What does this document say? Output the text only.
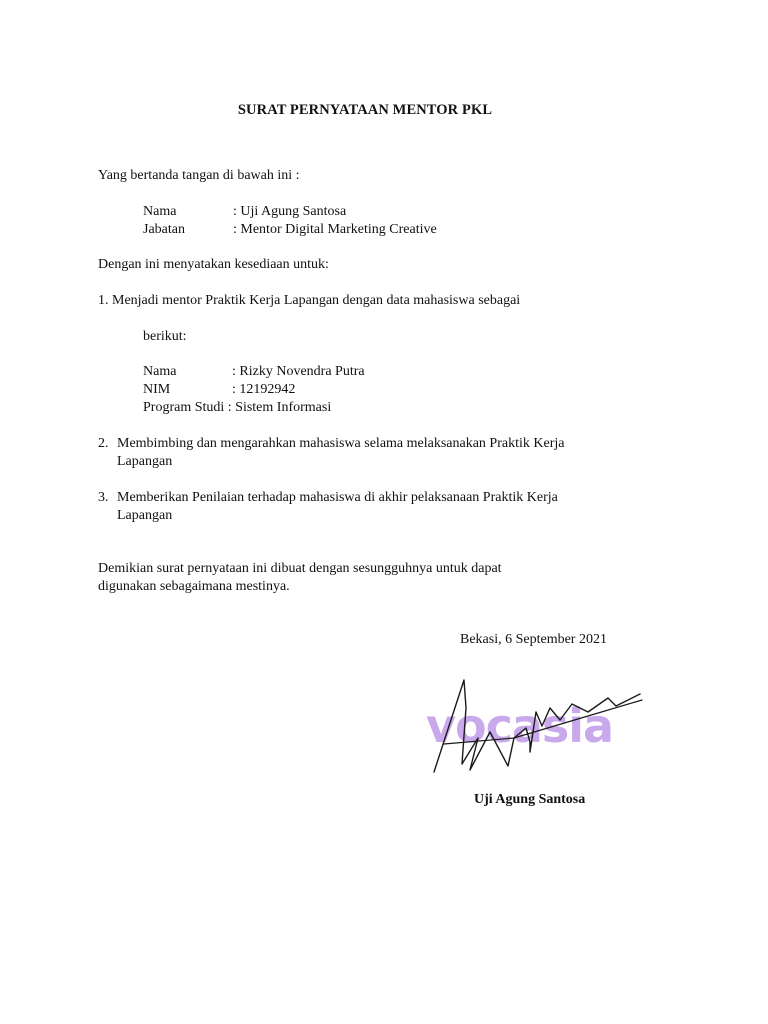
SURAT PERNYATAAN MENTOR PKL
Yang bertanda tangan di bawah ini :
Nama	: Uji Agung Santosa
Jabatan	: Mentor Digital Marketing Creative
Dengan ini menyatakan kesediaan untuk:
1. Menjadi mentor Praktik Kerja Lapangan dengan data mahasiswa sebagai
berikut:
Nama	: Rizky Novendra Putra
NIM	: 12192942
Program Studi : Sistem Informasi
2. Membimbing dan mengarahkan mahasiswa selama melaksanakan Praktik Kerja
Lapangan
3. Memberikan Penilaian terhadap mahasiswa di akhir pelaksanaan Praktik Kerja
Lapangan
Demikian surat pernyataan ini dibuat dengan sesungguhnya untuk dapat
digunakan sebagaimana mestinya.
Bekasi, 6 September 2021
vocasia
Uji Agung Santosa
